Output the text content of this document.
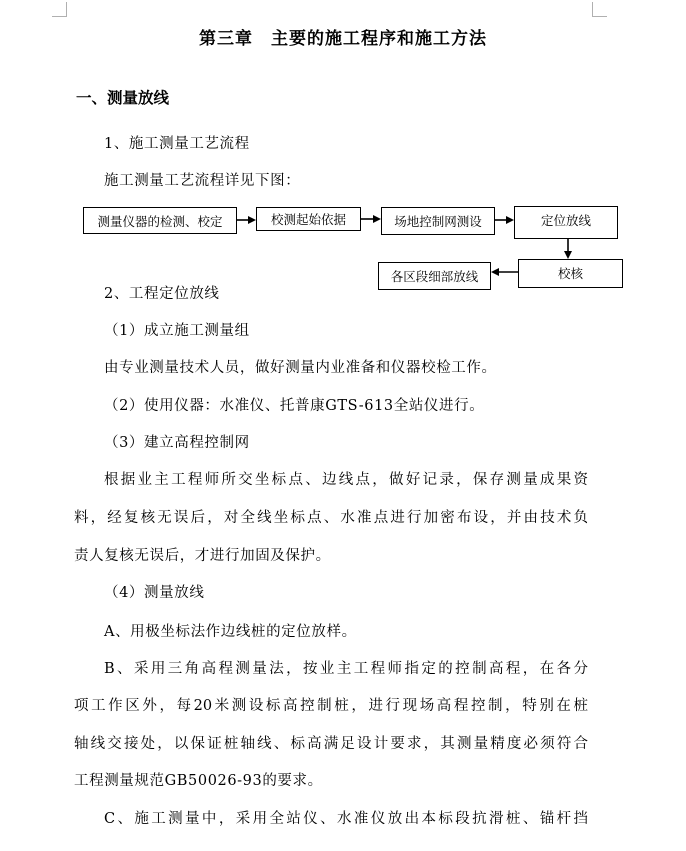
第三章　主要的施工程序和施工方法
一、测量放线
1、施工测量工艺流程
施工测量工艺流程详见下图：
测量仪器的检测、校定	校测起始依据	场地控制网测设	定位放线
校核
各区段细部放线
2、工程定位放线
（1）成立施工测量组
由专业测量技术人员，做好测量内业准备和仪器校检工作。
（2）使用仪器：水准仪、托普康GTS-613全站仪进行。
（3）建立高程控制网
根据业主工程师所交坐标点、边线点，做好记录，保存测量成果资
料，经复核无误后，对全线坐标点、水准点进行加密布设，并由技术负
责人复核无误后，才进行加固及保护。
（4）测量放线
A、用极坐标法作边线桩的定位放样。
B、采用三角高程测量法，按业主工程师指定的控制高程，在各分
项工作区外，每20米测设标高控制桩，进行现场高程控制，特别在桩
轴线交接处，以保证桩轴线、标高满足设计要求，其测量精度必须符合
工程测量规范GB50026-93的要求。
C、施工测量中，采用全站仪、水准仪放出本标段抗滑桩、锚杆挡
